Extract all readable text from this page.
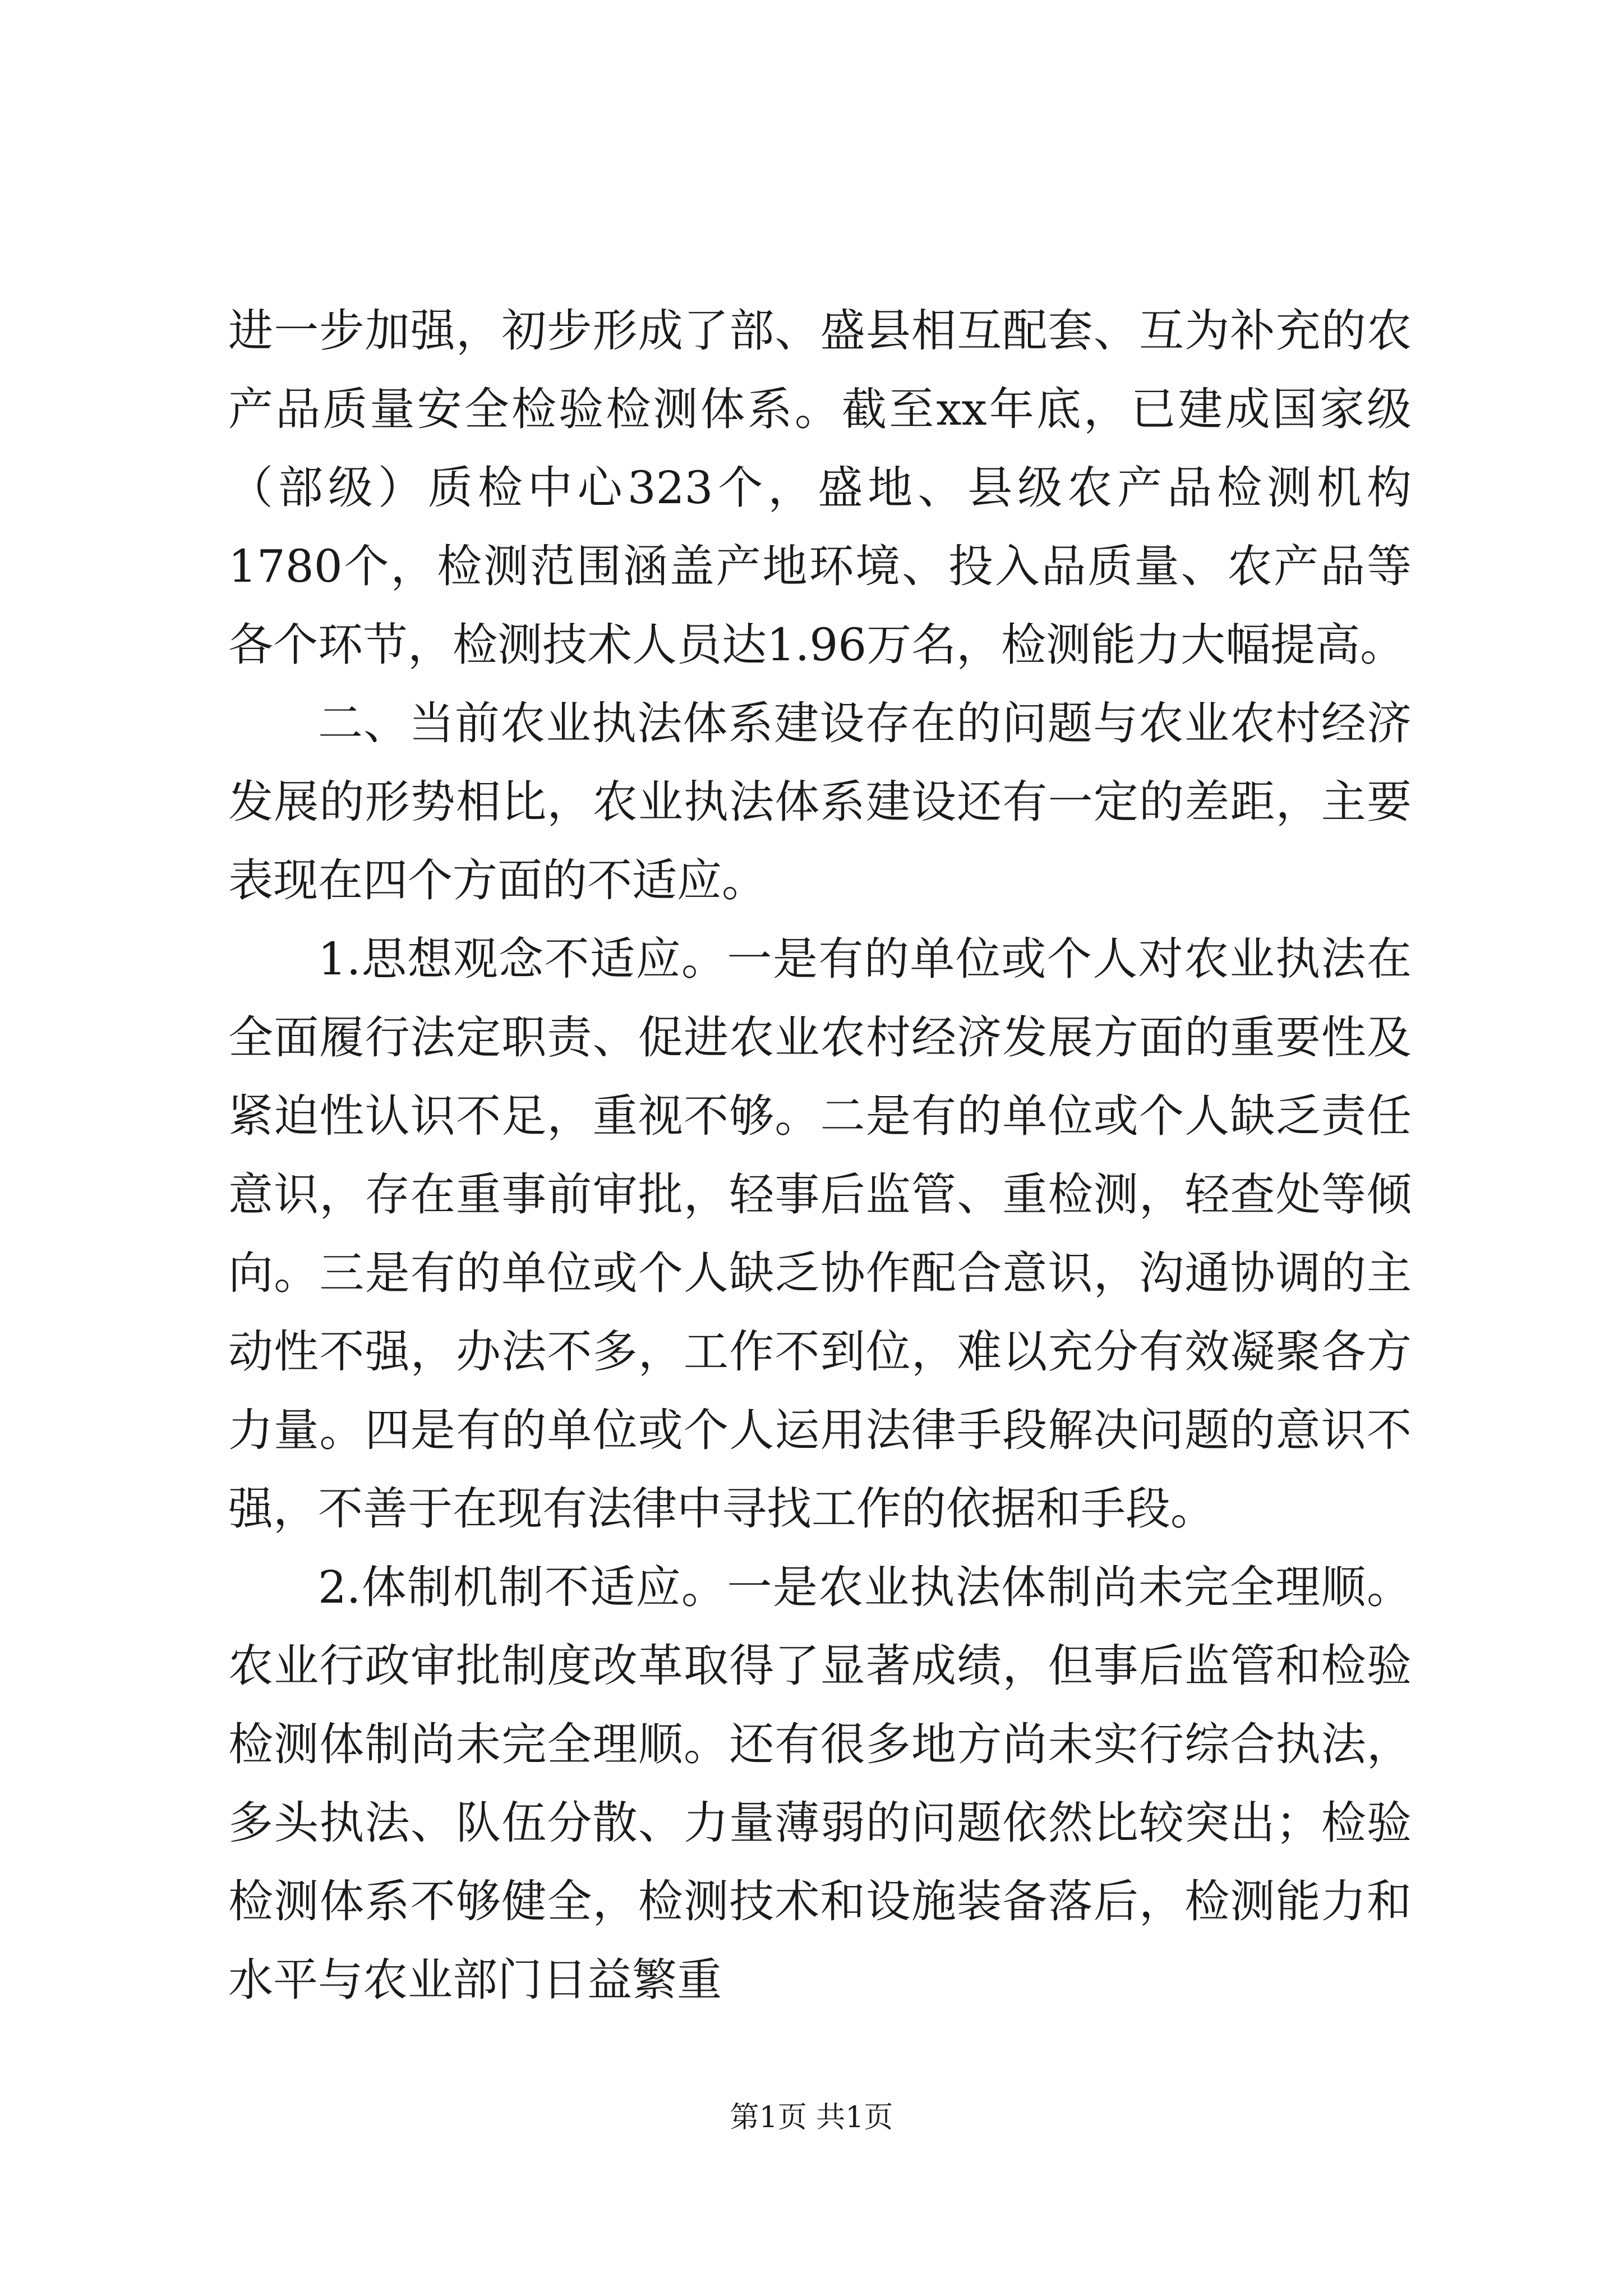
进一步加强，初步形成了部、盛县相互配套、互为补充的农产品质量安全检验检测体系。截至xx年底，已建成国家级（部级）质检中心323个，盛地、县级农产品检测机构1780个，检测范围涵盖产地环境、投入品质量、农产品等各个环节，检测技术人员达1.96万名，检测能力大幅提高。

二、当前农业执法体系建设存在的问题与农业农村经济发展的形势相比，农业执法体系建设还有一定的差距，主要表现在四个方面的不适应。

1.思想观念不适应。一是有的单位或个人对农业执法在全面履行法定职责、促进农业农村经济发展方面的重要性及紧迫性认识不足，重视不够。二是有的单位或个人缺乏责任意识，存在重事前审批，轻事后监管、重检测，轻查处等倾向。三是有的单位或个人缺乏协作配合意识，沟通协调的主动性不强，办法不多，工作不到位，难以充分有效凝聚各方力量。四是有的单位或个人运用法律手段解决问题的意识不强，不善于在现有法律中寻找工作的依据和手段。

2.体制机制不适应。一是农业执法体制尚未完全理顺。农业行政审批制度改革取得了显著成绩，但事后监管和检验检测体制尚未完全理顺。还有很多地方尚未实行综合执法，多头执法、队伍分散、力量薄弱的问题依然比较突出；检验检测体系不够健全，检测技术和设施装备落后，检测能力和水平与农业部门日益繁重

第1页 共1页
